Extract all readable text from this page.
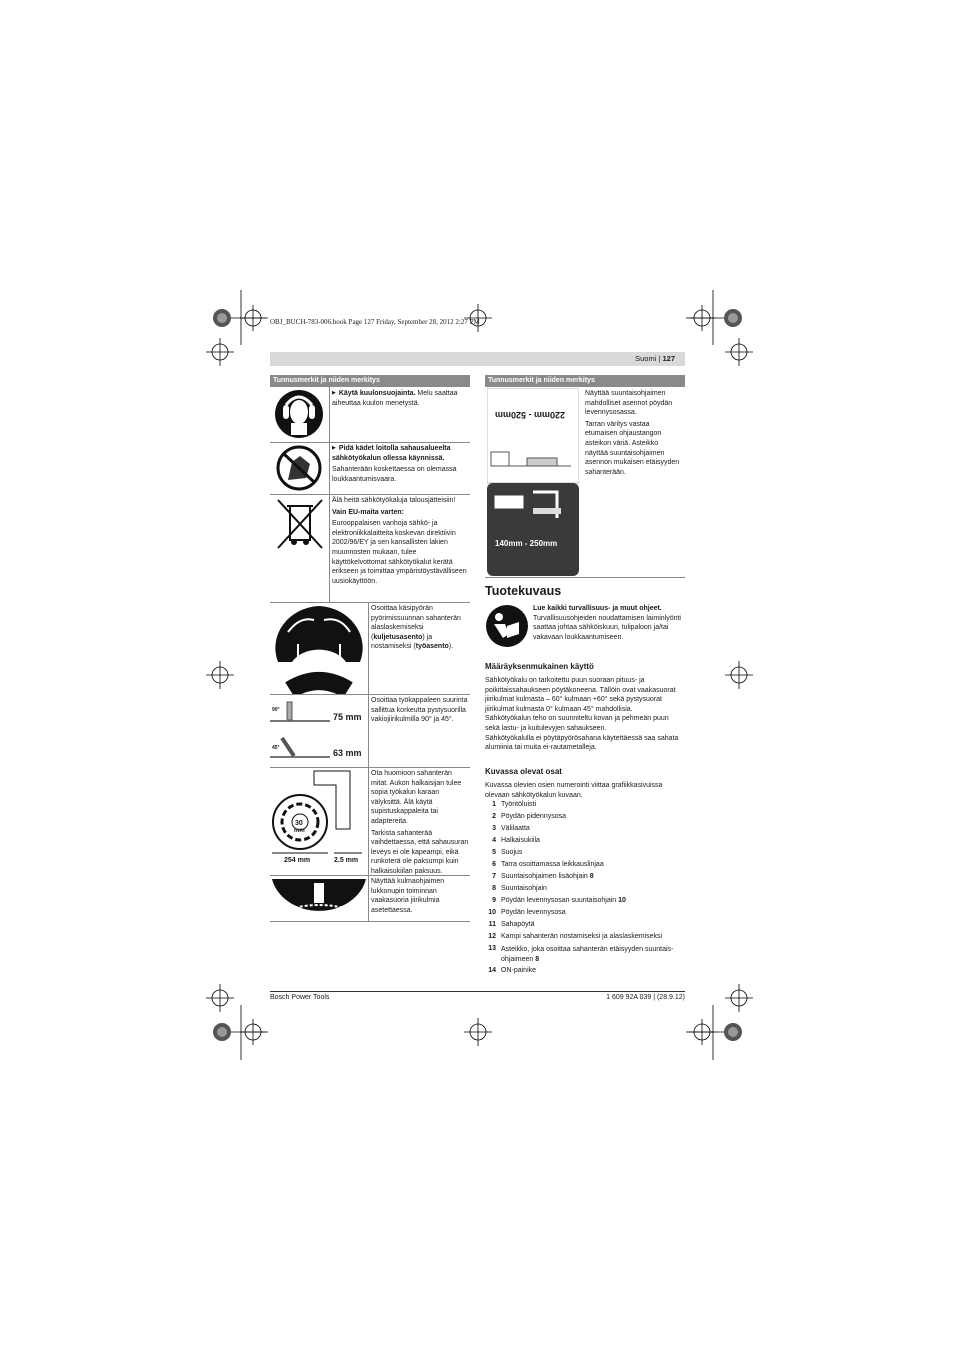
OBJ_BUCH-783-006.book Page 127 Friday, September 28, 2012 2:27 PM
Suomi | 127
Tunnusmerkit ja niiden merkitys

▶ Käytä kuulonsuojainta. Melu saattaa aiheuttaa kuulon menetystä.

▶ Pidä kädet loitolla sahausalueelta sähkötyökalun ollessa käynnissä.

Sahanterään koskettaessa on olemassa loukkaantumisvaara.

Älä heitä sähkötyökaluja talousjätteisiin!

Vain EU-maita varten:

Eurooppalaisen vanhoja sähkö- ja elektroniikkalaitteita koskevan direktiivin 2002/96/EY ja sen kansallisten lakien muunnosten mukaan, tulee käyttökelvottomat sähkötyökalut kerätä erikseen ja toimittaa ympäristöystävälliseen uusiokäyttöön.

Osoittaa käsipyörän pyörimissuunnan sahanterän alaslaskemiseksi (kuljetusasento) ja nostamiseksi (työasento).

90°
75 mm
45°	63 mm

Osoittaa työkappaleen suurinta sallittua korkeutta pystysuorilla vakiojiirikulmilla 90° ja 45°.

30
mm
254 mm	2.5 mm

Ota huomioon sahanterän mitat. Aukon halkaisijan tulee sopia työkalun karaan välyksittä. Älä käytä supistuskappaleita tai adaptereita.

Tarkista sahanterää vaihdettaessa, että sahausuran leveys ei ole kapeampi, eikä runkoterä ole paksumpi kuin halkaisukiilan paksuus.

Näyttää kulmaohjaimen lukkonupin toiminnan vaakasuoria jiirikulmia asetettaessa.

Tunnusmerkit ja niiden merkitys
220mm - 520mm
140mm - 250mm

Näyttää suuntaisohjaimen mahdolliset asennot pöydän levennysosassa.

Tarran väritys vastaa etumaisen ohjaustangon asteikon väriä. Asteikko näyttää suuntaisohjaimen asennon mukaisen etäisyyden sahanterään.

Tuotekuvaus

Lue kaikki turvallisuus- ja muut ohjeet. Turvallisuusohjeiden noudattamisen laiminlyönti saattaa johtaa sähköiskuun, tulipaloon ja/tai vakavaan loukkaantumiseen.

Määräyksenmukainen käyttö

Sähkötyökalu on tarkoitettu puun suoraan pituus- ja poikittaissahaukseen pöytäkoneena. Tällöin ovat vaakasuorat jiirikulmat kulmasta – 60° kulmaan +60° sekä pystysuorat jiirikulmat kulmasta 0° kulmaan 45° mahdollisia.

Sähkötyökalun teho on suunniteltu kovan ja pehmeän puun sekä lastu- ja kuitulevyjen sahaukseen.

Sähkötyökalulla ei pöytäpyörösahana käytettäessä saa sahata alumiinia tai muita ei-rautametalleja.

Kuvassa olevat osat
Kuvassa olevien osien numerointi viittaa grafiikkasivuissa olevaan sähkötyökalun kuvaan.
1 Työntöluisti
2 Pöydän pidennysosa
3 Välilaatta
4 Halkaisukiila
5 Suojus
6 Tarra osoittamassa leikkauslinjaa
7 Suuntaisohjaimen lisäohjain 8
8 Suuntaisohjain
9 Pöydän levennysosan suuntaisohjain 10
10 Pöydän levennysosa
11 Sahapöytä
12 Kampi sahanterän nostamiseksi ja alaslaskemiseksi
13 Asteikko, joka osoittaa sahanterän etäisyyden suuntais-
ohjaimeen 8
14 ON-painike
Bosch Power Tools	1 609 92A 039 | (28.9.12)
